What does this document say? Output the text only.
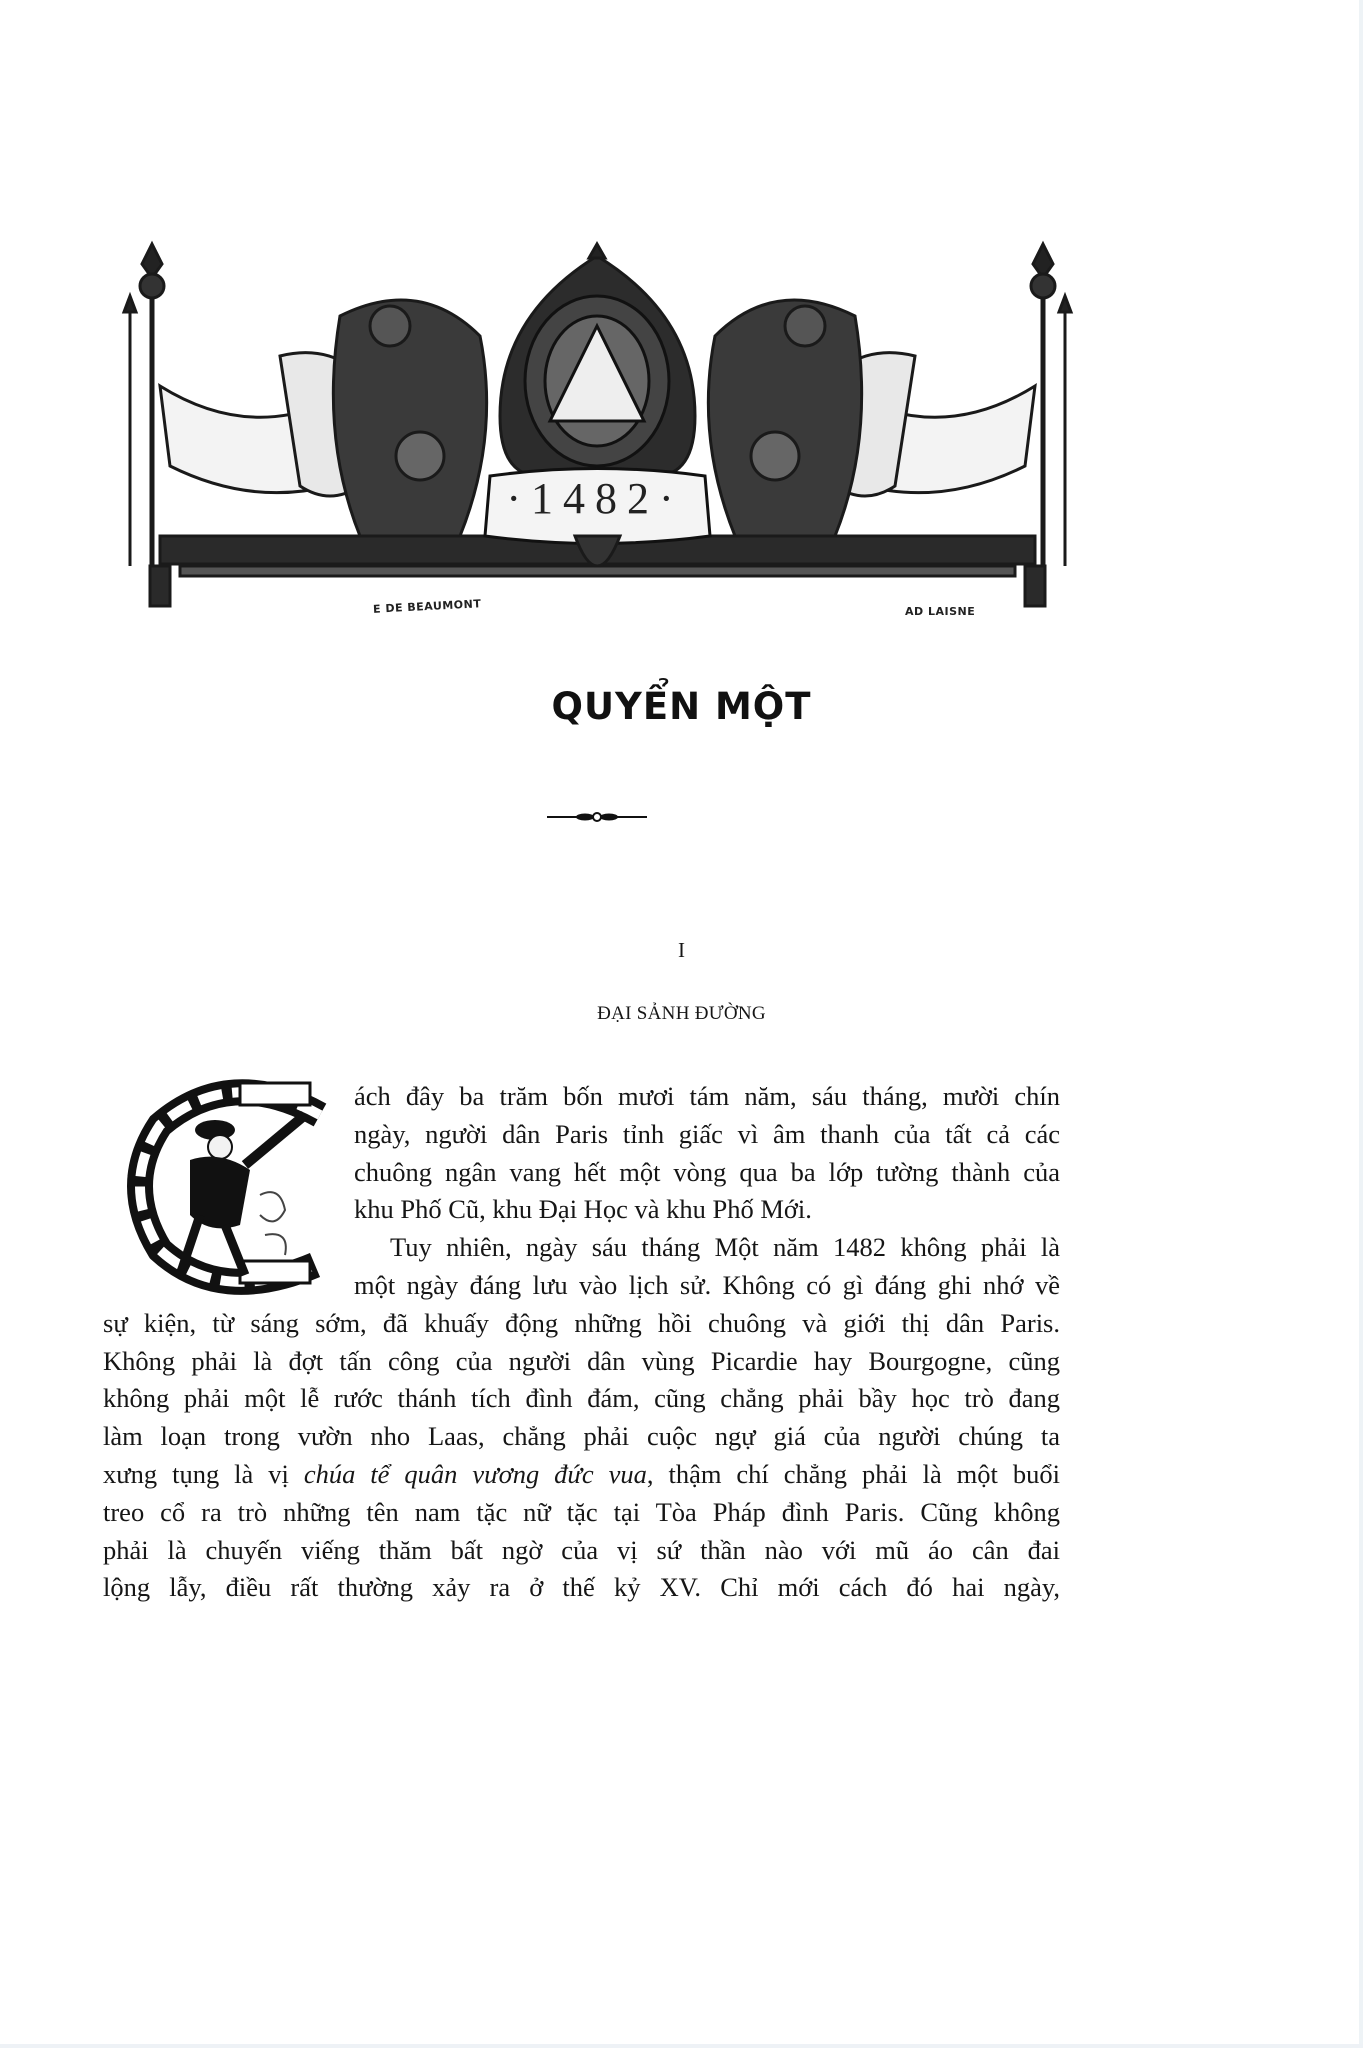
·1482·
E DE BEAUMONT	AD LAISNE
QUYỂN MỘT
I
ĐẠI SẢNH ĐƯỜNG
ách đây ba trăm bốn mươi tám năm, sáu tháng, mười chín
ngày, người dân Paris tỉnh giấc vì âm thanh của tất cả các
chuông ngân vang hết một vòng qua ba lớp tường thành của
khu Phố Cũ, khu Đại Học và khu Phố Mới.
Tuy nhiên, ngày sáu tháng Một năm 1482 không phải là
một ngày đáng lưu vào lịch sử. Không có gì đáng ghi nhớ về
sự kiện, từ sáng sớm, đã khuấy động những hồi chuông và giới thị dân Paris.
Không phải là đợt tấn công của người dân vùng Picardie hay Bourgogne, cũng
không phải một lễ rước thánh tích đình đám, cũng chẳng phải bầy học trò đang
làm loạn trong vườn nho Laas, chẳng phải cuộc ngự giá của người chúng ta
xưng tụng là vị chúa tể quân vương đức vua, thậm chí chẳng phải là một buổi
treo cổ ra trò những tên nam tặc nữ tặc tại Tòa Pháp đình Paris. Cũng không
phải là chuyến viếng thăm bất ngờ của vị sứ thần nào với mũ áo cân đai
lộng lẫy, điều rất thường xảy ra ở thế kỷ XV. Chỉ mới cách đó hai ngày,
